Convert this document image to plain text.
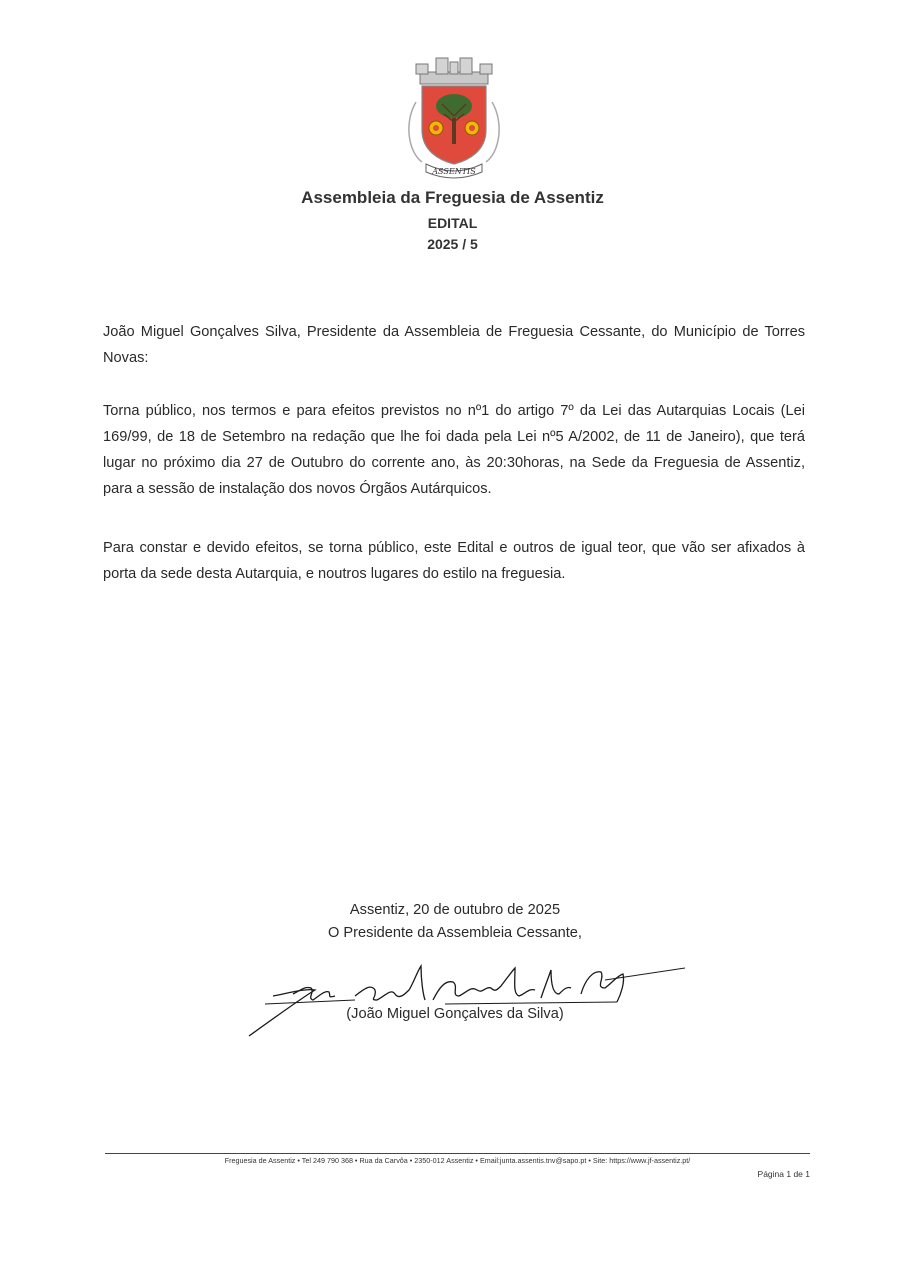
ASSENTIS
Assembleia da Freguesia de Assentiz
EDITAL
2025 / 5
João Miguel Gonçalves Silva, Presidente da Assembleia de Freguesia Cessante, do Município de Torres Novas:
Torna público, nos termos e para efeitos previstos no nº1 do artigo 7º da Lei das Autarquias Locais (Lei 169/99, de 18 de Setembro na redação que lhe foi dada pela Lei nº5 A/2002, de 11 de Janeiro), que terá lugar no próximo dia 27 de Outubro do corrente ano, às 20:30horas, na Sede da Freguesia de Assentiz, para a sessão de instalação dos novos Órgãos Autárquicos.
Para constar e devido efeitos, se torna público, este Edital e outros de igual teor, que vão ser afixados à porta da sede desta Autarquia, e noutros lugares do estilo na freguesia.
Assentiz, 20 de outubro de 2025
O Presidente da Assembleia Cessante,
(João Miguel Gonçalves da Silva)
Freguesia de Assentiz • Tel 249 790 368 • Rua da Carvôa • 2350-012 Assentiz • Email:junta.assentis.tnv@sapo.pt • Site: https://www.jf-assentiz.pt/
Página 1 de 1
